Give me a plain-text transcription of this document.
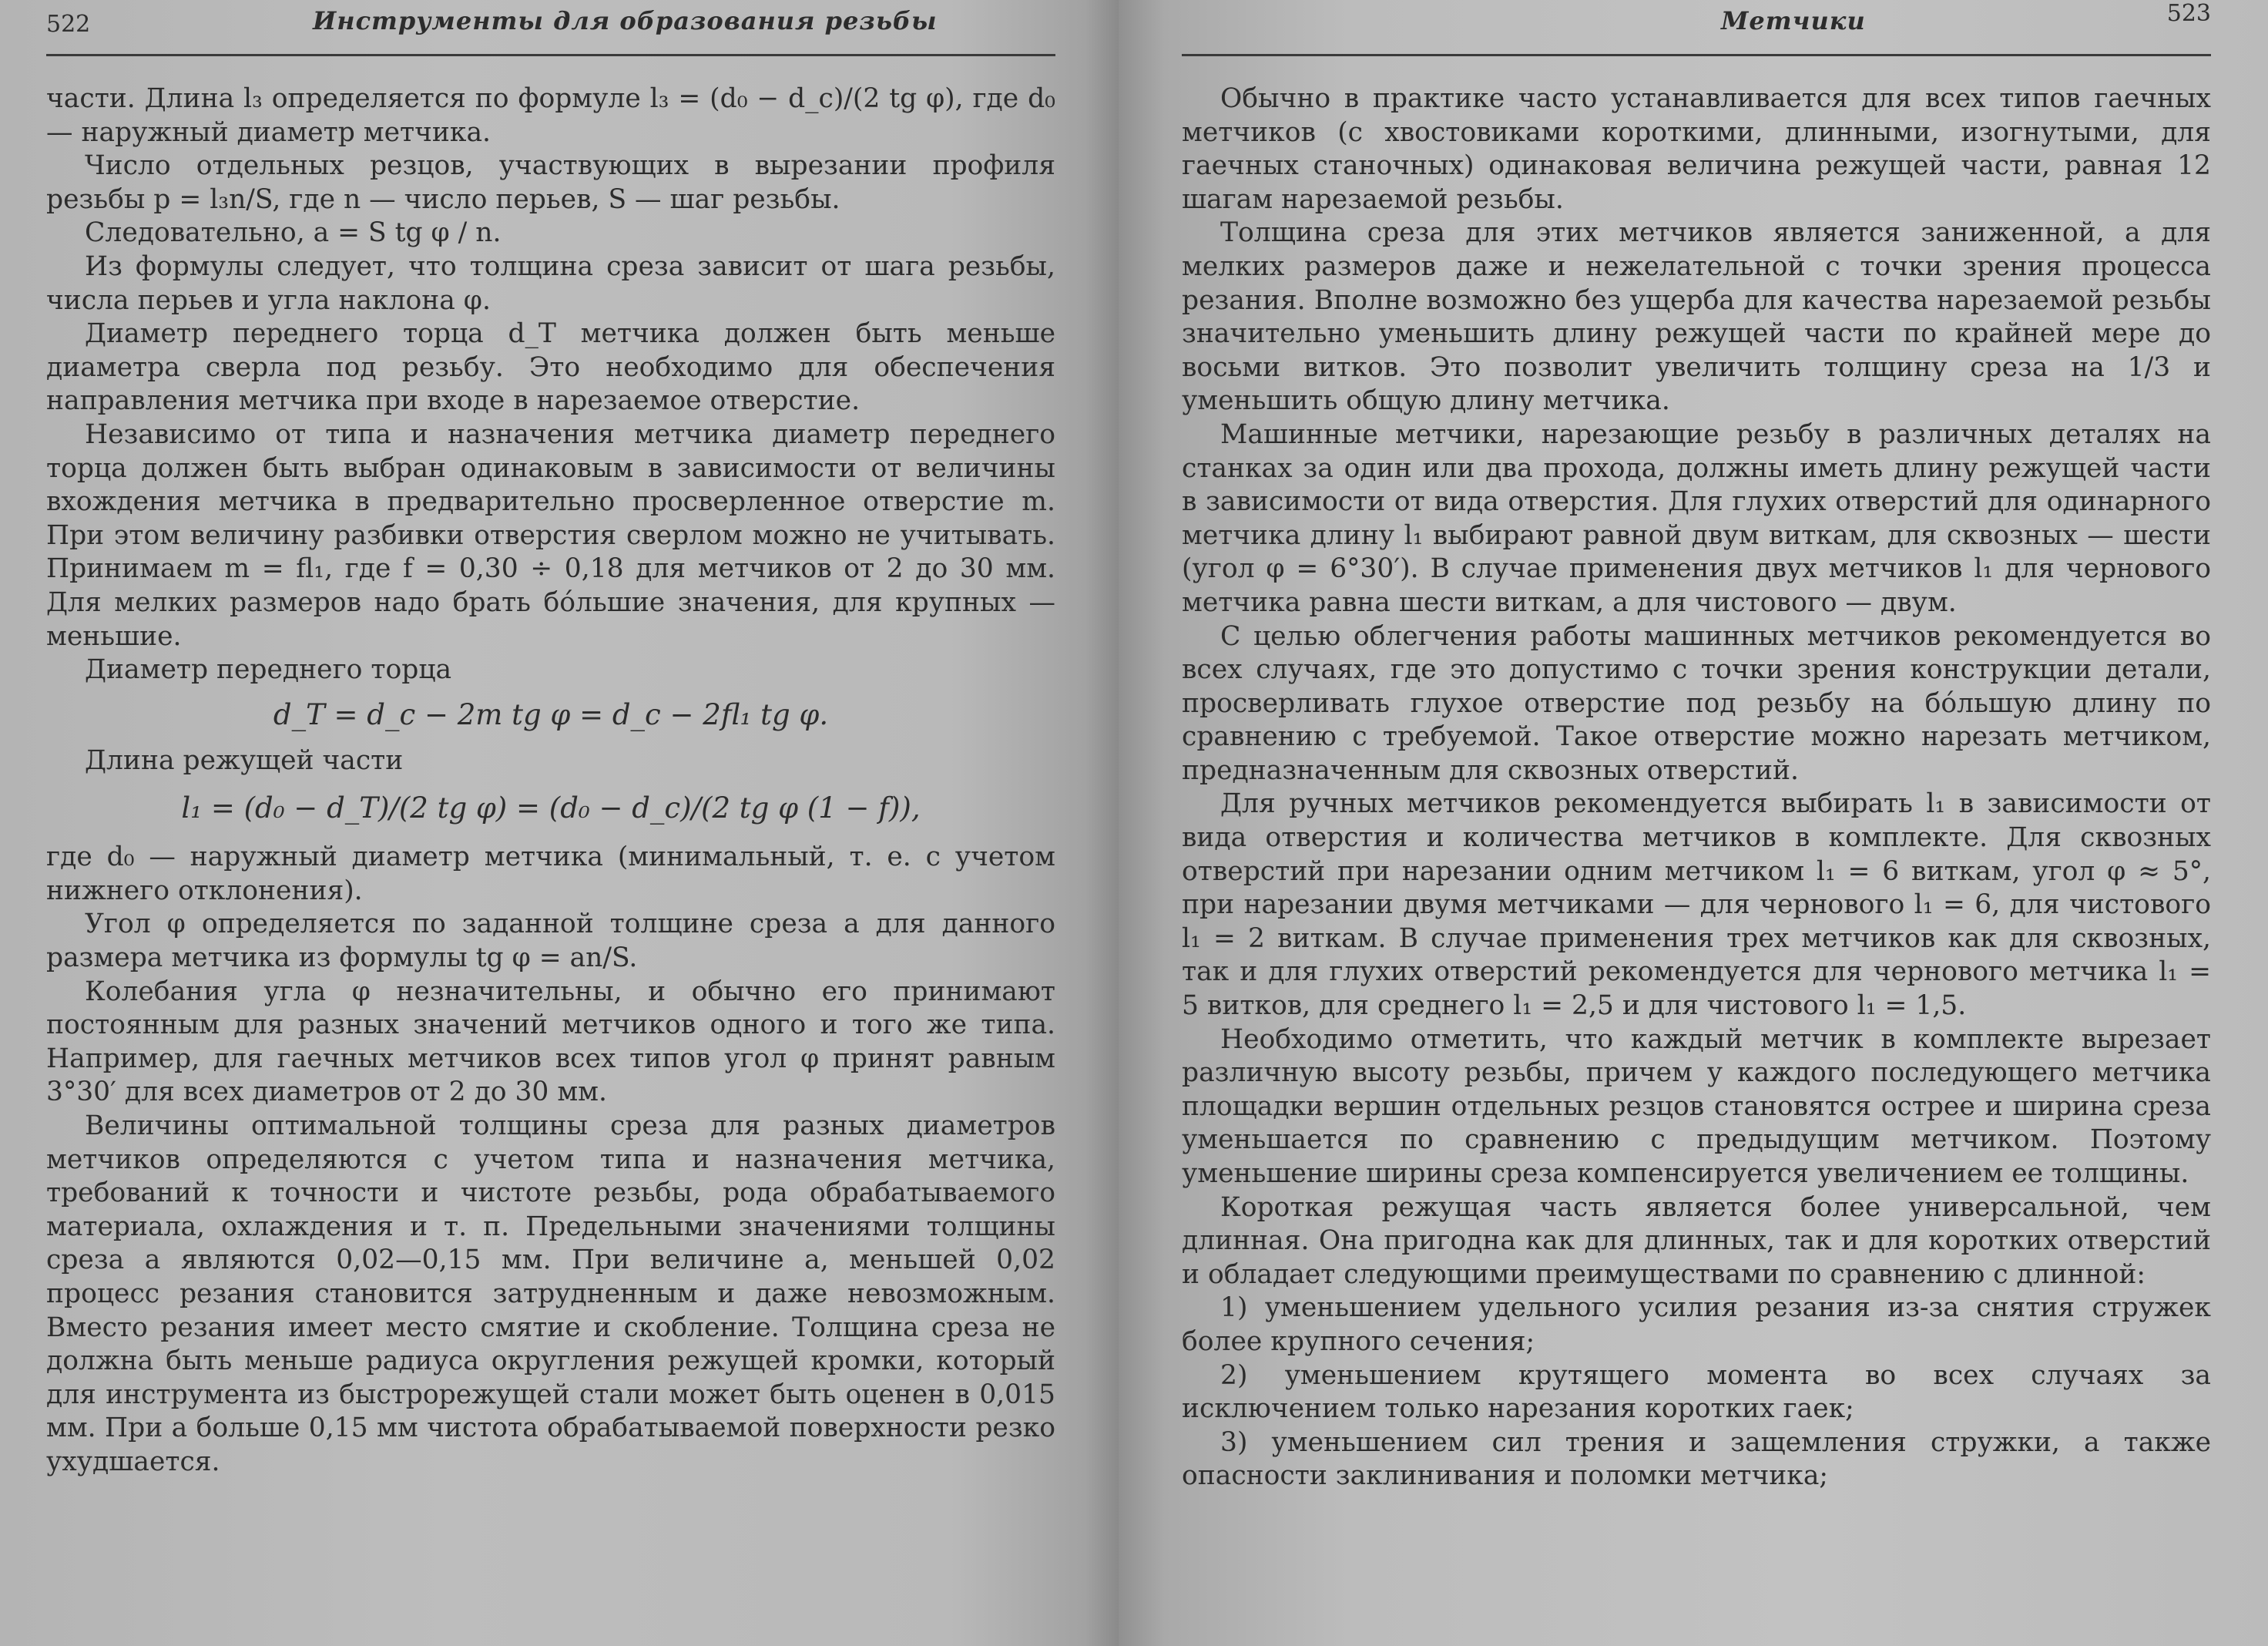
522	Инструменты для образования резьбы

части. Длина l₃ определяется по формуле l₃ = (d₀ − d_c)/(2 tg φ), где d₀ — наружный диаметр метчика.

Число отдельных резцов, участвующих в вырезании профиля резьбы p = l₃n/S, где n — число перьев, S — шаг резьбы.

Следовательно, a = S tg φ / n.

Из формулы следует, что толщина среза зависит от шага резьбы, числа перьев и угла наклона φ.

Диаметр переднего торца d_T метчика должен быть меньше диаметра сверла под резьбу. Это необходимо для обеспечения направления метчика при входе в нарезаемое отверстие.

Независимо от типа и назначения метчика диаметр переднего торца должен быть выбран одинаковым в зависимости от величины вхождения метчика в предварительно просверленное отверстие m. При этом величину разбивки отверстия сверлом можно не учитывать. Принимаем m = fl₁, где f = 0,30 ÷ 0,18 для метчиков от 2 до 30 мм. Для мелких размеров надо брать бóльшие значения, для крупных — меньшие.

Диаметр переднего торца

d_T = d_c − 2m tg φ = d_c − 2fl₁ tg φ.

Длина режущей части

l₁ = (d₀ − d_T)/(2 tg φ) = (d₀ − d_c)/(2 tg φ (1 − f)),

где d₀ — наружный диаметр метчика (минимальный, т. е. с учетом нижнего отклонения).

Угол φ определяется по заданной толщине среза a для данного размера метчика из формулы tg φ = an/S.

Колебания угла φ незначительны, и обычно его принимают постоянным для разных значений метчиков одного и того же типа. Например, для гаечных метчиков всех типов угол φ принят равным 3°30′ для всех диаметров от 2 до 30 мм.

Величины оптимальной толщины среза для разных диаметров метчиков определяются с учетом типа и назначения метчика, требований к точности и чистоте резьбы, рода обрабатываемого материала, охлаждения и т. п. Предельными значениями толщины среза a являются 0,02—0,15 мм. При величине a, меньшей 0,02 процесс резания становится затрудненным и даже невозможным. Вместо резания имеет место смятие и скобление. Толщина среза не должна быть меньше радиуса округления режущей кромки, который для инструмента из быстрорежущей стали может быть оценен в 0,015 мм. При a больше 0,15 мм чистота обрабатываемой поверхности резко ухудшается.

Метчики	523

Обычно в практике часто устанавливается для всех типов гаечных метчиков (с хвостовиками короткими, длинными, изогнутыми, для гаечных станочных) одинаковая величина режущей части, равная 12 шагам нарезаемой резьбы.

Толщина среза для этих метчиков является заниженной, а для мелких размеров даже и нежелательной с точки зрения процесса резания. Вполне возможно без ущерба для качества нарезаемой резьбы значительно уменьшить длину режущей части по крайней мере до восьми витков. Это позволит увеличить толщину среза на 1/3 и уменьшить общую длину метчика.

Машинные метчики, нарезающие резьбу в различных деталях на станках за один или два прохода, должны иметь длину режущей части в зависимости от вида отверстия. Для глухих отверстий для одинарного метчика длину l₁ выбирают равной двум виткам, для сквозных — шести (угол φ = 6°30′). В случае применения двух метчиков l₁ для чернового метчика равна шести виткам, а для чистового — двум.

С целью облегчения работы машинных метчиков рекомендуется во всех случаях, где это допустимо с точки зрения конструкции детали, просверливать глухое отверстие под резьбу на бóльшую длину по сравнению с требуемой. Такое отверстие можно нарезать метчиком, предназначенным для сквозных отверстий.

Для ручных метчиков рекомендуется выбирать l₁ в зависимости от вида отверстия и количества метчиков в комплекте. Для сквозных отверстий при нарезании одним метчиком l₁ = 6 виткам, угол φ ≈ 5°, при нарезании двумя метчиками — для чернового l₁ = 6, для чистового l₁ = 2 виткам. В случае применения трех метчиков как для сквозных, так и для глухих отверстий рекомендуется для чернового метчика l₁ = 5 витков, для среднего l₁ = 2,5 и для чистового l₁ = 1,5.

Необходимо отметить, что каждый метчик в комплекте вырезает различную высоту резьбы, причем у каждого последующего метчика площадки вершин отдельных резцов становятся острее и ширина среза уменьшается по сравнению с предыдущим метчиком. Поэтому уменьшение ширины среза компенсируется увеличением ее толщины.

Короткая режущая часть является более универсальной, чем длинная. Она пригодна как для длинных, так и для коротких отверстий и обладает следующими преимуществами по сравнению с длинной:

1) уменьшением удельного усилия резания из-за снятия стружек более крупного сечения;

2) уменьшением крутящего момента во всех случаях за исключением только нарезания коротких гаек;

3) уменьшением сил трения и защемления стружки, а также опасности заклинивания и поломки метчика;
